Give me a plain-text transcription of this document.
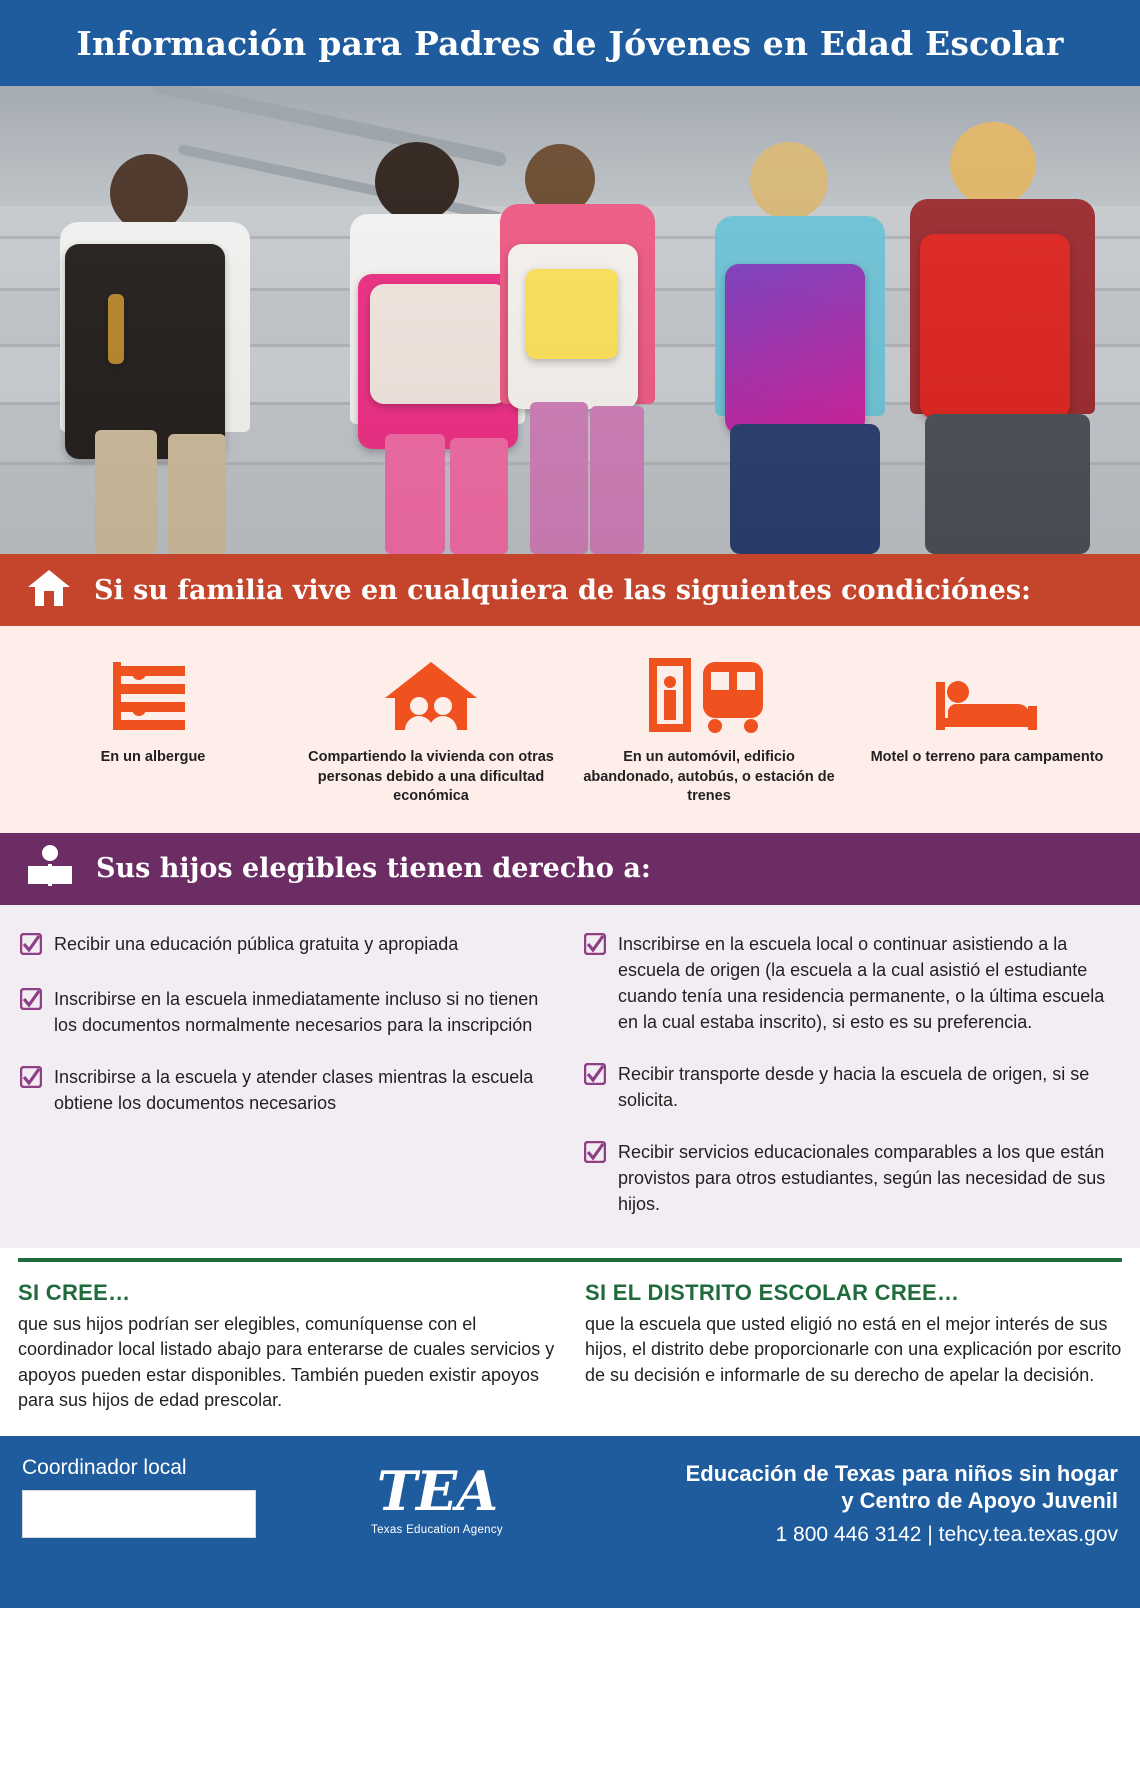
Información para Padres de Jóvenes en Edad Escolar
Si su familia vive en cualquiera de las siguientes condiciónes:
En un albergue	Compartiendo la vivienda con otras personas debido a una dificultad económica
En un automóvil, edificio abandonado, autobús, o estación de trenes
Motel o terreno para campamento
Sus hijos elegibles tienen derecho a:
Recibir una educación pública gratuita y apropiada
Inscribirse en la escuela inmediatamente incluso si no tienen los documentos normalmente necesarios para la inscripción
Inscribirse a la escuela y atender clases mientras la escuela obtiene los documentos necesarios
Inscribirse en la escuela local o continuar asistiendo a la escuela de origen (la escuela a la cual asistió el estudiante cuando tenía una residencia permanente, o la última escuela en la cual estaba inscrito), si esto es su preferencia.
Recibir transporte desde y hacia la escuela de origen, si se solicita.
Recibir servicios educacionales comparables a los que están provistos para otros estudiantes, según las necesidad de sus hijos.
SI CREE…
que sus hijos podrían ser elegibles, comuníquense con el coordinador local listado abajo para enterarse de cuales servicios y apoyos pueden estar disponibles. También pueden existir apoyos para sus hijos de edad prescolar.
SI EL DISTRITO ESCOLAR CREE…
que la escuela que usted eligió no está en el mejor interés de sus hijos, el distrito debe proporcionarle con una explicación por escrito de su decisión e informarle de su derecho de apelar la decisión.
Coordinador local	TEA
Texas Education Agency
Educación de Texas para niños sin hogar
y Centro de Apoyo Juvenil
1 800 446 3142 | tehcy.tea.texas.gov
